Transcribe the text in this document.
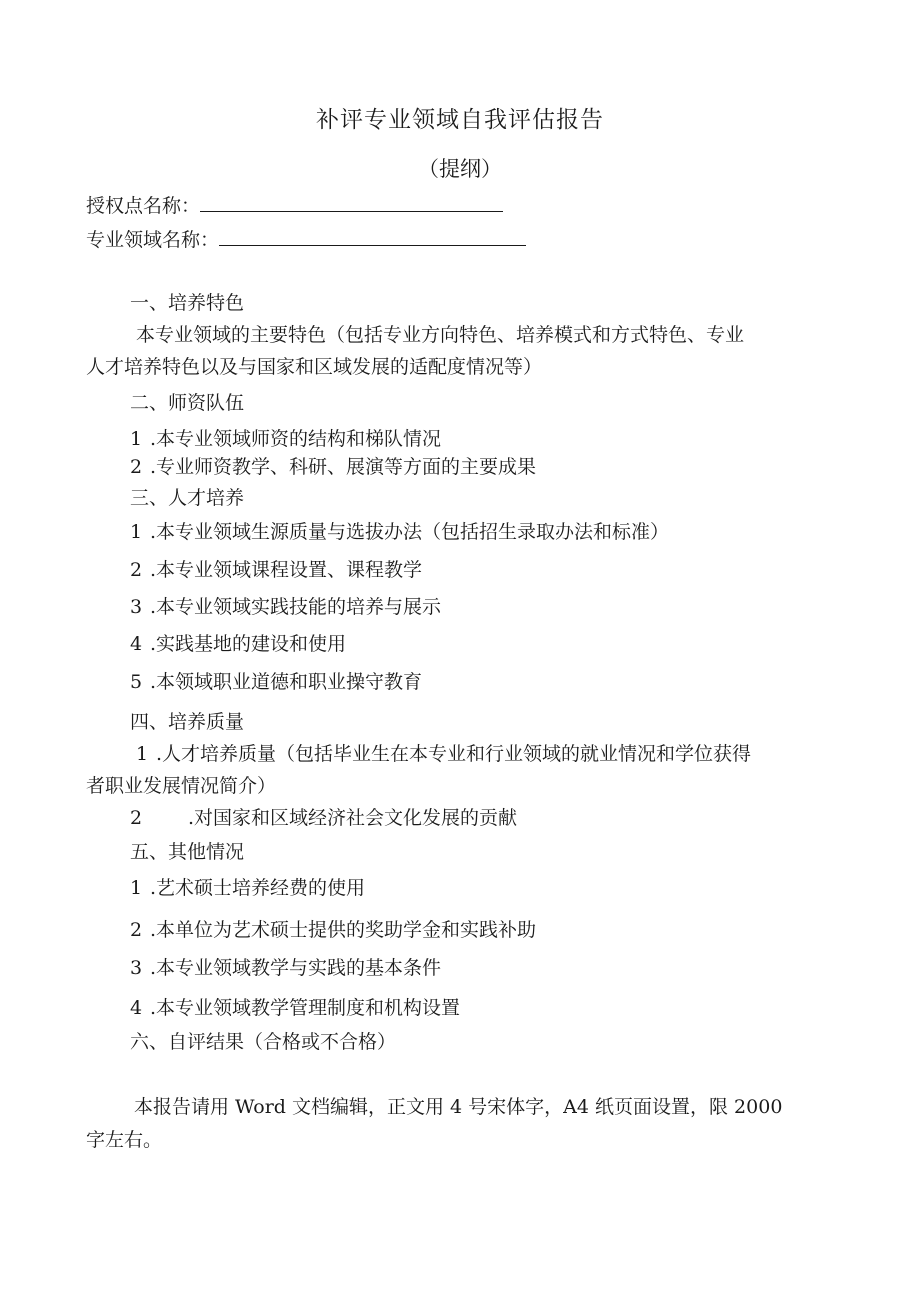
补评专业领域自我评估报告
（提纲）
授权点名称：
专业领域名称：
一、培养特色
本专业领域的主要特色（包括专业方向特色、培养模式和方式特色、专业
人才培养特色以及与国家和区域发展的适配度情况等）
二、师资队伍
1 .本专业领域师资的结构和梯队情况
2 .专业师资教学、科研、展演等方面的主要成果
三、人才培养
1 .本专业领域生源质量与选拔办法（包括招生录取办法和标准）
2 .本专业领域课程设置、课程教学
3 .本专业领域实践技能的培养与展示
4 .实践基地的建设和使用
5 .本领域职业道德和职业操守教育
四、培养质量
1 .人才培养质量（包括毕业生在本专业和行业领域的就业情况和学位获得
者职业发展情况简介）
2 .对国家和区域经济社会文化发展的贡献
五、其他情况
1 .艺术硕士培养经费的使用
2 .本单位为艺术硕士提供的奖助学金和实践补助
3 .本专业领域教学与实践的基本条件
4 .本专业领域教学管理制度和机构设置
六、自评结果（合格或不合格）
本报告请用 Word 文档编辑，正文用 4 号宋体字，A4 纸页面设置，限 2000
字左右。
